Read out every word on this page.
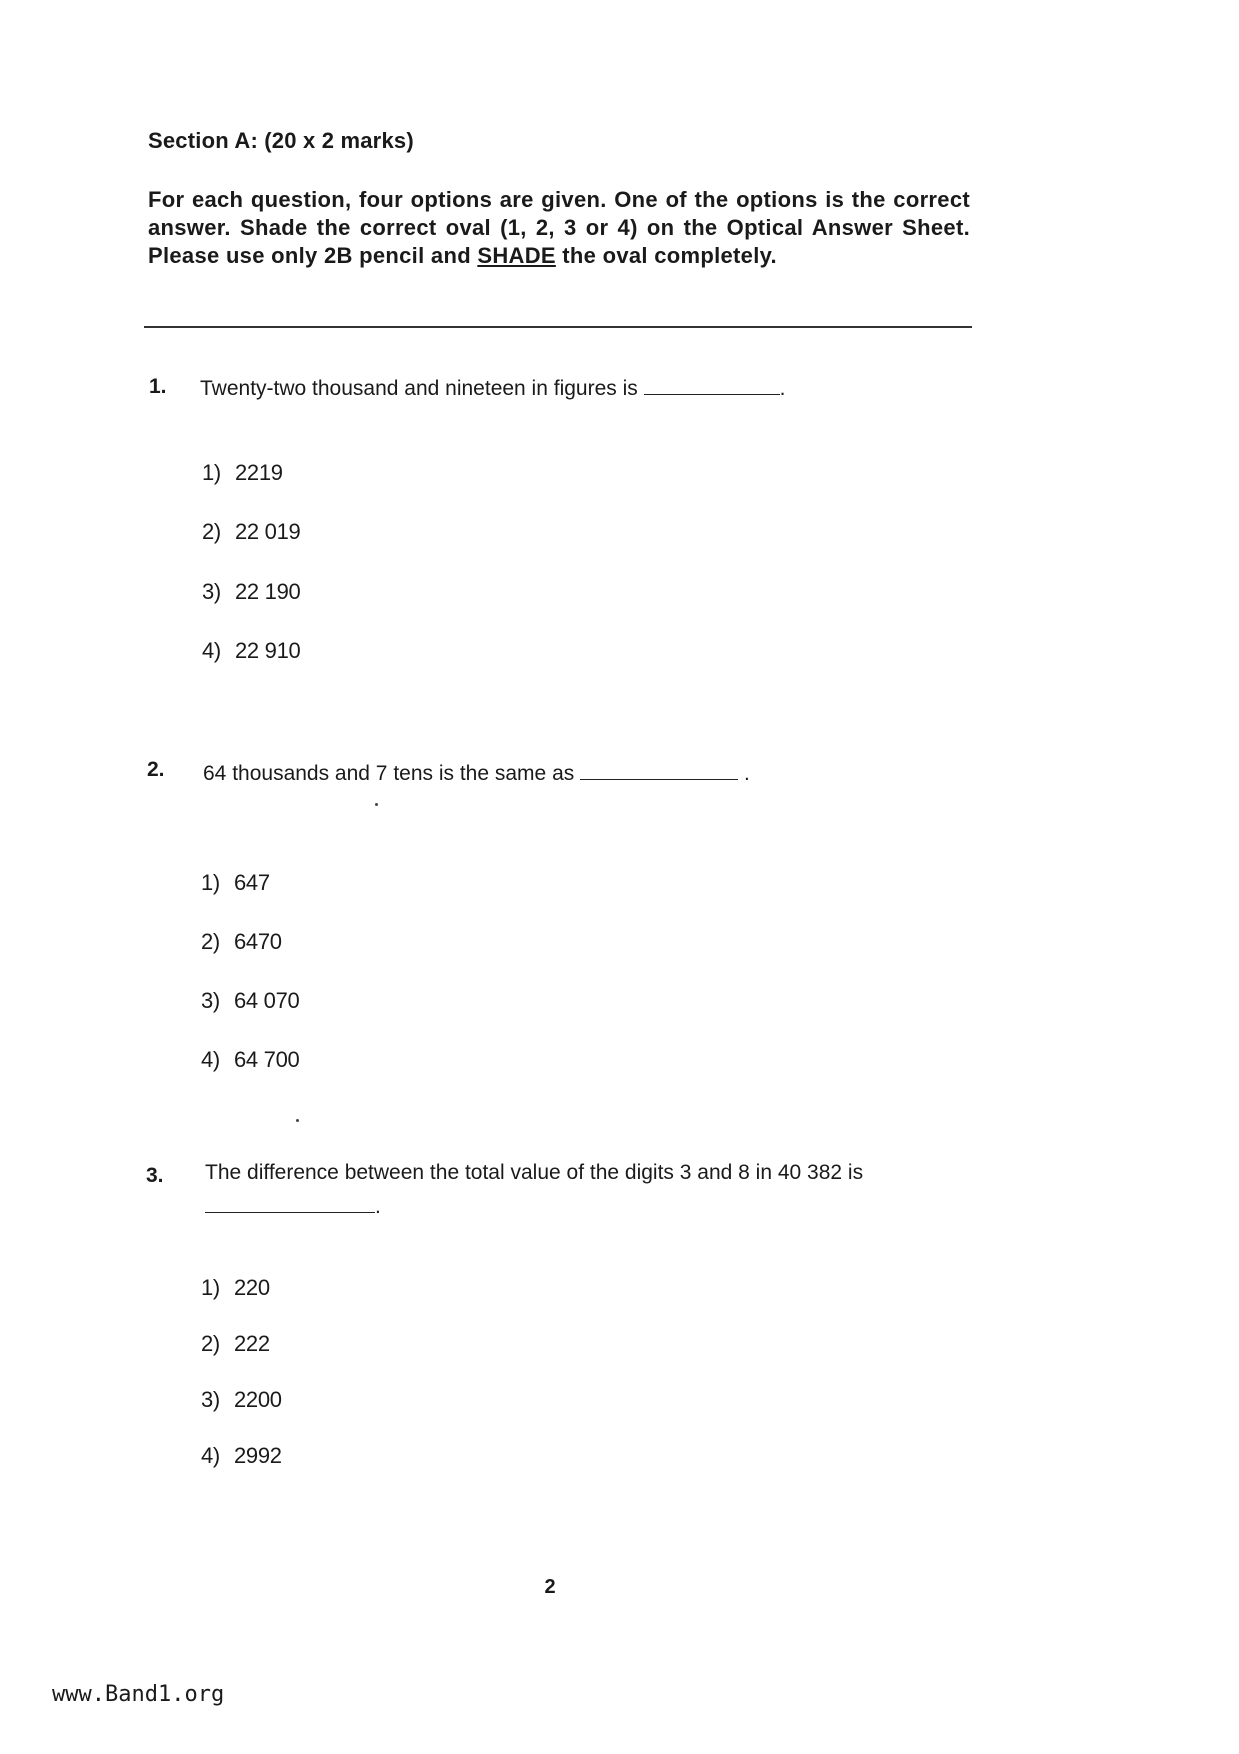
Section A: (20 x 2 marks)
For each question, four options are given. One of the options is the correct answer. Shade the correct oval (1, 2, 3 or 4) on the Optical Answer Sheet. Please use only 2B pencil and SHADE the oval completely.
1. Twenty-two thousand and nineteen in figures is	.
1) 2219
2) 22 019
3) 22 190
4) 22 910
2. 64 thousands and 7 tens is the same as	.
1) 647
2) 6470
3) 64 070
4) 64 700
3. The difference between the total value of the digits 3 and 8 in 40 382 is
.
1) 220
2) 222
3) 2200
4) 2992
2
www.Band1.org
